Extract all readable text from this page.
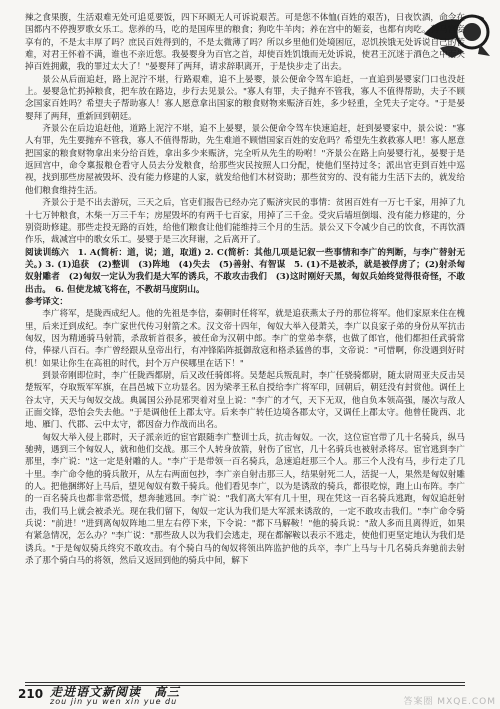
辣之食果腹，生活艰难无处可追觅要饭，四下环顾无人可诉说艰苦。可是您不体恤(百姓的艰苦)，日夜饮酒，命令在国都内不停搜罗歌女乐工。您养的马，吃的是国库里的粮食；狗吃牛羊肉；养在宫中的姬妾，也都有肉吃。狗马宫妾享有的，不是太丰厚了吗？庶民百姓得到的，不是太微薄了吗？所以乡里他们处境困厄，忍饥挨饿无处诉说自己的苦难，对君王怀着不满，谁也不亲近您。我晏婴身为百官之首，却使百姓饥饿而无处诉说，使君王沉迷于酒色之中而失掉百姓拥戴，我的罪过太大了！"晏婴拜了两拜，请求辞职离开，于是快步走了出去。

景公从后面追赶，路上泥泞不堪，行路艰难，追不上晏婴，景公便命令驾车追赶，一直追到晏婴家门口也没赶上。晏婴急忙扔掉粮食，把车放在路边，步行去见景公。"寡人有罪，夫子抛弃不管我，寡人不值得帮助，夫子不顾念国家百姓吗？希望夫子帮助寡人！寡人愿意拿出国家的粮食财物来赈济百姓，多少轻重，全凭夫子定夺。"于是晏婴拜了两拜，重新回到朝廷。

齐景公在后边追赶他，道路上泥泞不堪，追不上晏婴，景公便命令驾车快速追赶，赶到晏婴家中，景公说："寡人有罪，先生要抛弃不管我，寡人不值得帮助，先生难道不顾惜国家百姓的安危吗？希望先生救救寡人吧！寡人愿意把国家的粮食财物拿出来分给百姓，拿出多少来赈济，完全听从先生的吩咐！"齐景公在路上向晏婴行礼，晏婴于是返回宫中，命令稟报粮仓看守人员去分发粮食，给那些灾民按照人口分配，使他们坚持过冬；派出官吏到百姓中巡视，找到那些房屋被毁坏、没有能力修建的人家，就发给他们木材资助；那些贫穷的、没有能力生活下去的，就发给他们粮食维持生活。

齐景公于是不出去游玩，三天之后，官吏们报告已经办完了赈济灾民的事情：贫困百姓有一万七千家，用掉了九十七万钟粮食，木柴一万三千车；房屋毁坏的有两千七百家，用掉了三千金。受灾后墙垣倒塌、没有能力修建的，分别资助修建。那些走投无路的百姓，给他们粮食让他们能维持三个月的生活。景公又下令减少自己的饮食，不再饮酒作乐，裁减宫中的歌女乐工。晏婴于是三次拜谢，之后离开了。

阅读训练六　1. A(简析：道，说；道，取道) 2. C(简析：其他几项是记叙一些事情和李广的判断，与李广替射无关。) 3. (1)追获　(2)整训　(3)阵地　(4)失去　(5)善射、有智谋　5. (1)不是被杀，就是被俘虏了；(2)射杀匈奴射雕者　(2)匈奴一定认为我们是大军的诱兵，不敢攻击我们　(3)这时刚好天黑，匈奴兵始终觉得很奇怪，不敢出击。　6. 但使龙城飞将在，不教胡马度阴山。

参考译文：

李广将军，是陇西成纪人。他的先祖是李信，秦朝时任将军，就是追获燕太子丹的那位将军。他们家原来住在槐里，后来迁到成纪。李广家世代传习射箭之术。汉文帝十四年，匈奴大举入侵萧关，李广以良家子弟的身份从军抗击匈奴，因为精通骑马射箭，杀敌斩首很多，被任命为汉朝中郎。李广的堂弟李蔡，也做了郎官，他们都担任武骑常侍，俸禄八百石。李广曾经跟从皇帝出行，有冲锋陷阵抵御敌寇和格杀猛兽的事，文帝说："可惜啊，你没遇到好时机！如果让你生在高祖的时代，封个万户侯哪里在话下！"

到景帝刚即位时，李广任陇西都尉，后又改任骑郎将。吴楚起兵叛乱时，李广任骁骑都尉，随太尉周亚夫反击吴楚叛军，夺取叛军军旗，在昌邑城下立功显名。因为梁孝王私自授给李广将军印，回朝后，朝廷没有封赏他。调任上谷太守，天天与匈奴交战。典属国公孙昆邪哭着对皇上说："李广的才气，天下无双，他自负本领高强，屡次与敌人正面交锋，恐怕会失去他。"于是调他任上郡太守。后来李广转任边境各郡太守，又调任上郡太守。他曾任陇西、北地、雁门、代郡、云中太守，都因奋力作战而出名。

匈奴大举入侵上郡时，天子派亲近的宦官跟随李广整训士兵，抗击匈奴。一次，这位宦官带了几十名骑兵，纵马驰骋，遇到三个匈奴人，就和他们交战。那三个人转身放箭，射伤了宦官，几十名骑兵也被射杀将尽。宦官逃到李广那里，李广说："这一定是射雕的人。"李广于是带领一百名骑兵，急速追赶那三个人。那三个人没有马，步行走了几十里。李广命令他的骑兵散开，从左右两面包抄，李广亲自射击那三人，结果射死二人，活捉一人，果然是匈奴射雕的人。把他捆绑好上马后，望见匈奴有数千骑兵。他们看见李广，以为是诱敌的骑兵，都很吃惊，跑上山布阵。李广的一百名骑兵也都非常恐慌，想奔驰逃回。李广说："我们离大军有几十里，现在凭这一百名骑兵逃跑，匈奴追赶射击，我们马上就会被杀光。现在我们留下，匈奴一定认为我们是大军派来诱敌的，一定不敢攻击我们。"李广命令骑兵说："前进！"进到离匈奴阵地二里左右停下来，下令说："都下马解鞍！"他的骑兵说："敌人多而且离得近，如果有紧急情况，怎么办？"李广说："那些敌人以为我们会逃走，现在都解鞍以表示不逃走，使他们更坚定地认为我们是诱兵。"于是匈奴骑兵终究不敢攻击。有个骑白马的匈奴将领出阵监护他的兵卒，李广上马与十几名骑兵奔驰前去射杀了那个骑白马的将领，然后又返回到他的骑兵中间，解下

210 走进语文新阅读　高三
zou jin yu wen xin yue du	答案圈 MXQE.COM
